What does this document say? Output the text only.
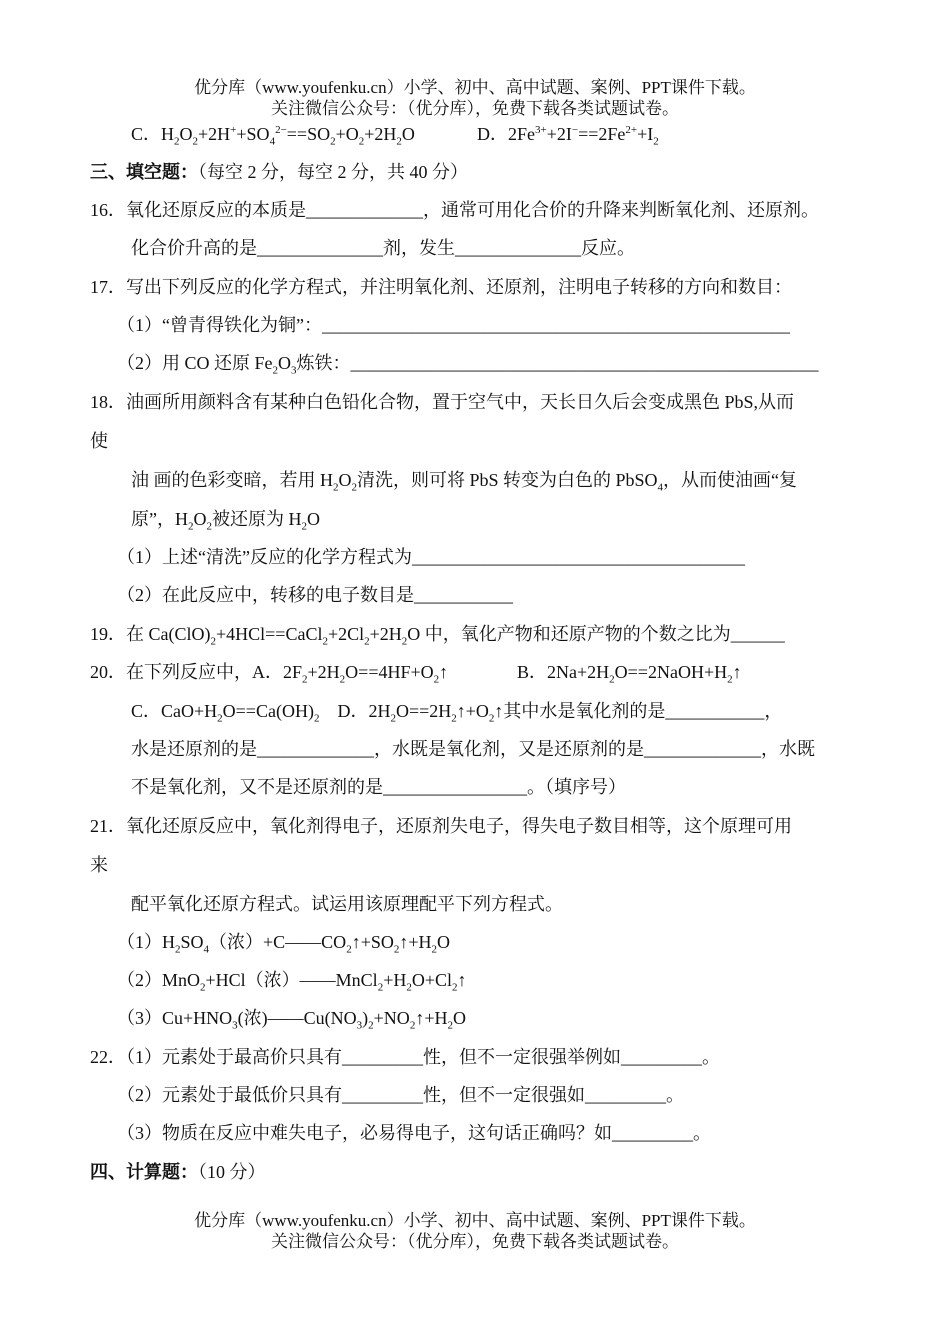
优分库（www.youfenku.cn）小学、初中、高中试题、案例、PPT课件下载。
关注微信公众号：（优分库），免费下载各类试题试卷。
C．$H_2O_2+2H^++SO_4^{2-}==SO_2+O_2+2H_2O$	D．$2Fe^{3+}+2I^-==2Fe^{2+}+I_2$
三、填空题：（每空 2 分，每空 2 分，共 40 分）
16．氧化还原反应的本质是_____________，通常可用化合价的升降来判断氧化剂、还原剂。
化合价升高的是______________剂，发生______________反应。
17．写出下列反应的化学方程式，并注明氧化剂、还原剂，注明电子转移的方向和数目：
（1）“曾青得铁化为铜”：____________________________________________________
（2）用 CO 还原 $Fe_2O_3$炼铁：____________________________________________________
18．油画所用颜料含有某种白色铅化合物，置于空气中，天长日久后会变成黑色 PbS,从而
使
油 画的色彩变暗，若用 $H_2O_2$清洗，则可将 PbS 转变为白色的 PbSO$_4$，从而使油画“复
原”，$H_2O_2$被还原为 $H_2O$
（1）上述“清洗”反应的化学方程式为_____________________________________
（2）在此反应中，转移的电子数目是___________
19．在 $Ca(ClO)_2+4HCl==CaCl_2+2Cl_2+2H_2O$ 中，氧化产物和还原产物的个数之比为______
20．在下列反应中，A．$2F_2+2H_2O==4HF+O_2↑$	B．$2Na+2H_2O==2NaOH+H_2↑$
C．$CaO+H_2O==Ca(OH)_2$ D．$2H_2O==2H_2↑+O_2↑$其中水是氧化剂的是___________，
水是还原剂的是_____________，水既是氧化剂，又是还原剂的是_____________，水既
不是氧化剂，又不是还原剂的是________________。（填序号）
21．氧化还原反应中，氧化剂得电子，还原剂失电子，得失电子数目相等，这个原理可用
来
配平氧化还原方程式。试运用该原理配平下列方程式。
$(1)H_2SO_4$（浓）$+C——CO_2↑+SO_2↑+H_2O$
（2）MnO$_2$+HCl（浓）$——MnCl_2+H_2O+Cl_2↑$
$(3)Cu+HNO_3$(浓)$——Cu(NO_3)_2+NO_2↑+H_2O$
22．（1）元素处于最高价只具有_________性，但不一定很强举例如_________。
（2）元素处于最低价只具有_________性，但不一定很强如_________。
（3）物质在反应中难失电子，必易得电子，这句话正确吗？如_________。
四、计算题：（10 分）
优分库（www.youfenku.cn）小学、初中、高中试题、案例、PPT课件下载。
关注微信公众号：（优分库），免费下载各类试题试卷。
